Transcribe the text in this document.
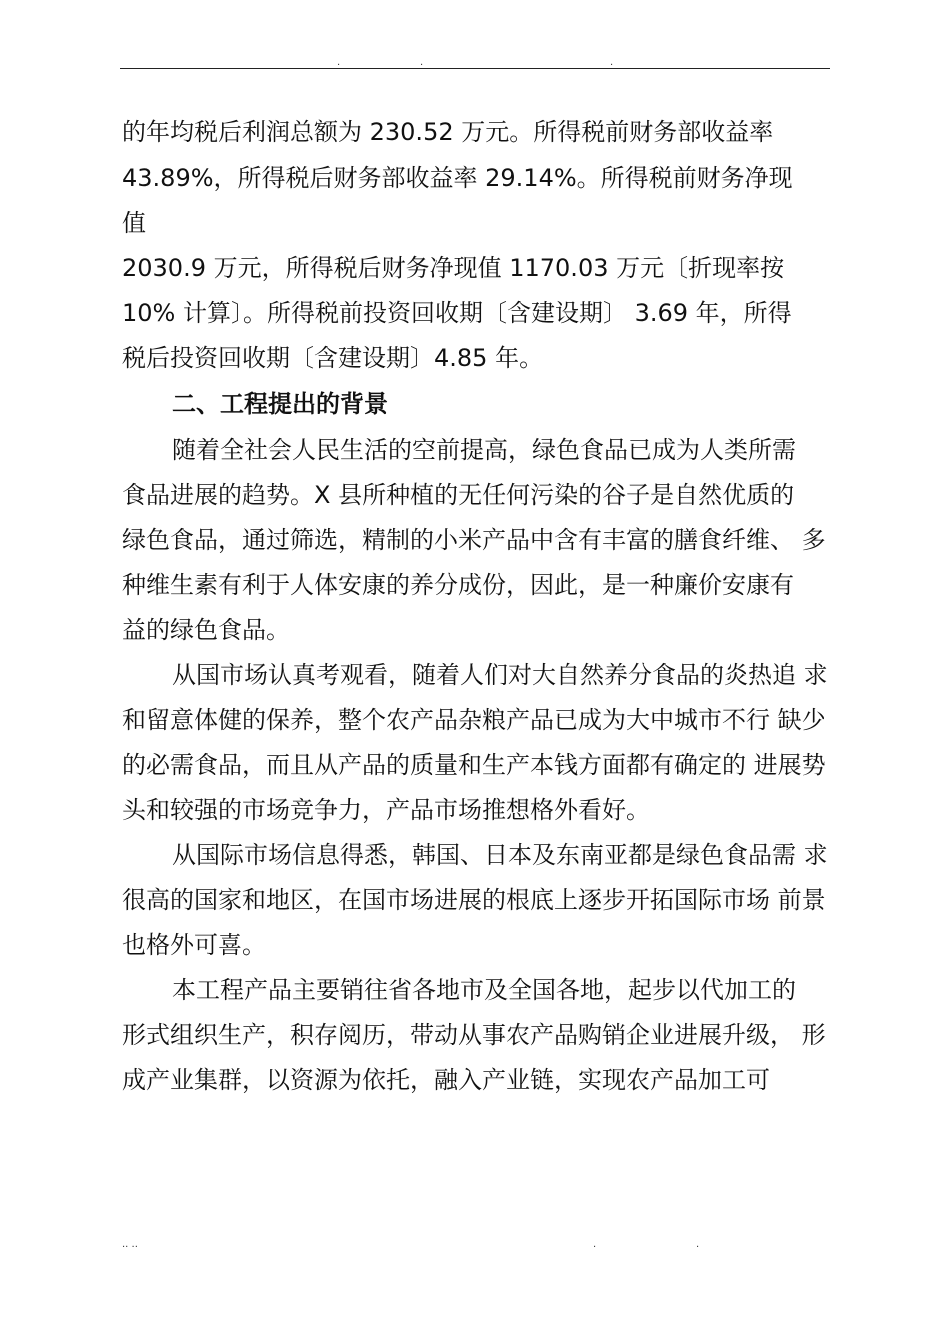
.	.	.
的年均税后利润总额为 230.52 万元。所得税前财务部收益率
43.89%，所得税后财务部收益率 29.14%。所得税前财务净现
值
2030.9 万元，所得税后财务净现值 1170.03 万元〔折现率按
10% 计算〕。所得税前投资回收期〔含建设期〕 3.69 年，所得
税后投资回收期〔含建设期〕4.85 年。
二、工程提出的背景
随着全社会人民生活的空前提高，绿色食品已成为人类所需
食品进展的趋势。X 县所种植的无任何污染的谷子是自然优质的
绿色食品，通过筛选，精制的小米产品中含有丰富的膳食纤维、 多
种维生素有利于人体安康的养分成份，因此，是一种廉价安康有
益的绿色食品。
从国市场认真考观看，随着人们对大自然养分食品的炎热追 求
和留意体健的保养，整个农产品杂粮产品已成为大中城市不行 缺少
的必需食品，而且从产品的质量和生产本钱方面都有确定的 进展势
头和较强的市场竞争力，产品市场推想格外看好。
从国际市场信息得悉，韩国、日本及东南亚都是绿色食品需 求
很高的国家和地区，在国市场进展的根底上逐步开拓国际市场 前景
也格外可喜。
本工程产品主要销往省各地市及全国各地，起步以代加工的
形式组织生产，积存阅历，带动从事农产品购销企业进展升级， 形
成产业集群，以资源为依托，融入产业链，实现农产品加工可
.. ..	.	.
